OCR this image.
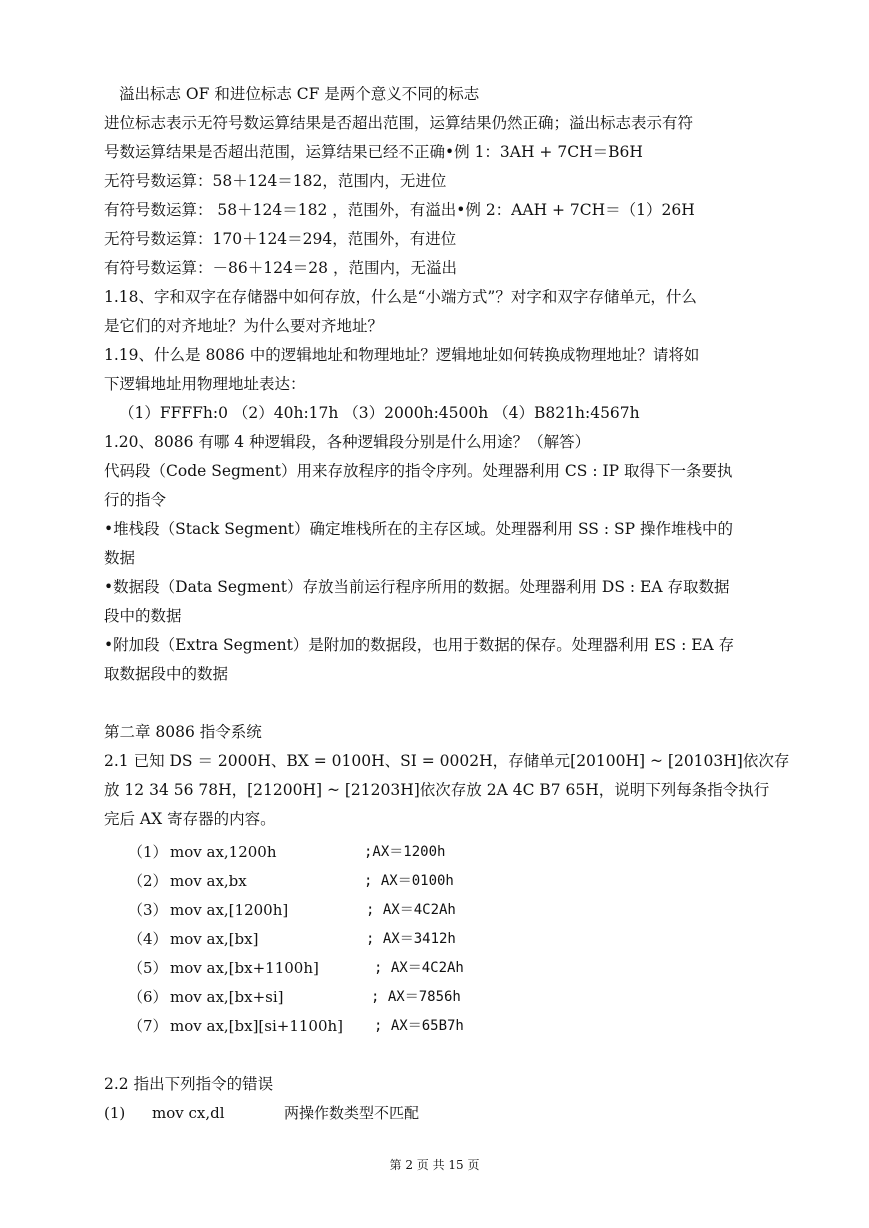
溢出标志 OF 和进位标志 CF 是两个意义不同的标志
进位标志表示无符号数运算结果是否超出范围，运算结果仍然正确；溢出标志表示有符
号数运算结果是否超出范围，运算结果已经不正确•例 1：3AH + 7CH＝B6H
无符号数运算：58＋124＝182，范围内，无进位
有符号数运算： 58＋124＝182 ，范围外，有溢出•例 2：AAH + 7CH＝（1）26H
无符号数运算：170＋124＝294，范围外，有进位
有符号数运算：－86＋124＝28 ，范围内，无溢出
1.18、字和双字在存储器中如何存放，什么是“小端方式”？对字和双字存储单元，什么
是它们的对齐地址？为什么要对齐地址？
1.19、什么是 8086 中的逻辑地址和物理地址？逻辑地址如何转换成物理地址？请将如
下逻辑地址用物理地址表达：
（1）FFFFh:0 （2）40h:17h （3）2000h:4500h （4）B821h:4567h
1.20、8086 有哪 4 种逻辑段，各种逻辑段分别是什么用途？（解答）
代码段（Code Segment）用来存放程序的指令序列。处理器利用 CS : IP 取得下一条要执
行的指令
•堆栈段（Stack Segment）确定堆栈所在的主存区域。处理器利用 SS : SP 操作堆栈中的
数据
•数据段（Data Segment）存放当前运行程序所用的数据。处理器利用 DS : EA 存取数据
段中的数据
•附加段（Extra Segment）是附加的数据段，也用于数据的保存。处理器利用 ES : EA 存
取数据段中的数据
第二章 8086 指令系统
2.1 已知 DS ＝ 2000H、BX = 0100H、SI = 0002H，存储单元[20100H] ~ [20103H]依次存
放 12 34 56 78H，[21200H] ~ [21203H]依次存放 2A 4C B7 65H，说明下列每条指令执行
完后 AX 寄存器的内容。
（1） mov ax,1200h	;AX＝1200h
（2） mov ax,bx	; AX＝0100h
（3） mov ax,[1200h]	; AX＝4C2Ah
（4） mov ax,[bx]	; AX＝3412h
（5） mov ax,[bx+1100h]	; AX＝4C2Ah
（6） mov ax,[bx+si]	; AX＝7856h
（7） mov ax,[bx][si+1100h] ; AX＝65B7h
2.2 指出下列指令的错误
(1) mov cx,dl	两操作数类型不匹配
第 2 页 共 15 页
